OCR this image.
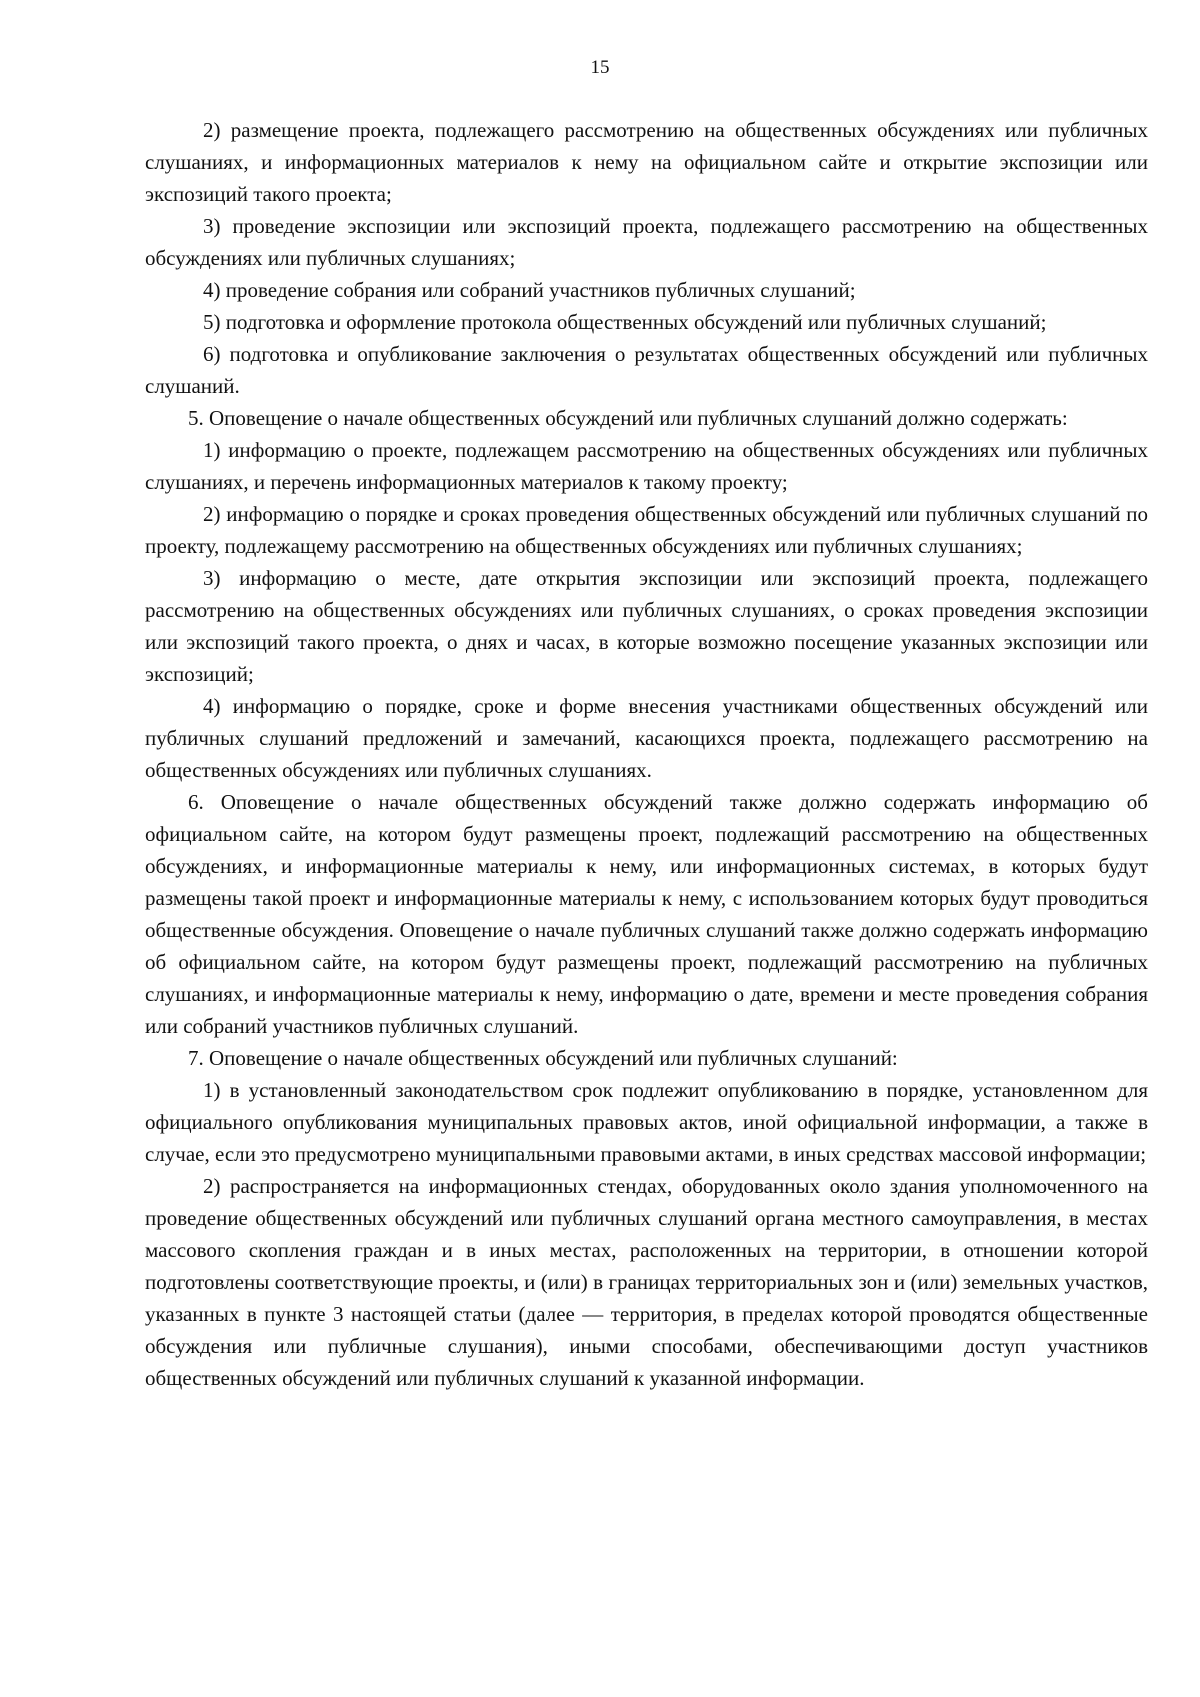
15

2) размещение проекта, подлежащего рассмотрению на общественных обсуждениях или публичных слушаниях, и информационных материалов к нему на официальном сайте и открытие экспозиции или экспозиций такого проекта;

3) проведение экспозиции или экспозиций проекта, подлежащего рассмотрению на общественных обсуждениях или публичных слушаниях;

4) проведение собрания или собраний участников публичных слушаний;

5) подготовка и оформление протокола общественных обсуждений или публичных слушаний;

6) подготовка и опубликование заключения о результатах общественных обсуждений или публичных слушаний.

5. Оповещение о начале общественных обсуждений или публичных слушаний должно содержать:

1) информацию о проекте, подлежащем рассмотрению на общественных обсуждениях или публичных слушаниях, и перечень информационных материалов к такому проекту;

2) информацию о порядке и сроках проведения общественных обсуждений или публичных слушаний по проекту, подлежащему рассмотрению на общественных обсуждениях или публичных слушаниях;

3) информацию о месте, дате открытия экспозиции или экспозиций проекта, подлежащего рассмотрению на общественных обсуждениях или публичных слушаниях, о сроках проведения экспозиции или экспозиций такого проекта, о днях и часах, в которые возможно посещение указанных экспозиции или экспозиций;

4) информацию о порядке, сроке и форме внесения участниками общественных обсуждений или публичных слушаний предложений и замечаний, касающихся проекта, подлежащего рассмотрению на общественных обсуждениях или публичных слушаниях.

6. Оповещение о начале общественных обсуждений также должно содержать информацию об официальном сайте, на котором будут размещены проект, подлежащий рассмотрению на общественных обсуждениях, и информационные материалы к нему, или информационных системах, в которых будут размещены такой проект и информационные материалы к нему, с использованием которых будут проводиться общественные обсуждения. Оповещение о начале публичных слушаний также должно содержать информацию об официальном сайте, на котором будут размещены проект, подлежащий рассмотрению на публичных слушаниях, и информационные материалы к нему, информацию о дате, времени и месте проведения собрания или собраний участников публичных слушаний.

7. Оповещение о начале общественных обсуждений или публичных слушаний:

1) в установленный законодательством срок подлежит опубликованию в порядке, установленном для официального опубликования муниципальных правовых актов, иной официальной информации, а также в случае, если это предусмотрено муниципальными правовыми актами, в иных средствах массовой информации;

2) распространяется на информационных стендах, оборудованных около здания уполномоченного на проведение общественных обсуждений или публичных слушаний органа местного самоуправления, в местах массового скопления граждан и в иных местах, расположенных на территории, в отношении которой подготовлены соответствующие проекты, и (или) в границах территориальных зон и (или) земельных участков, указанных в пункте 3 настоящей статьи (далее — территория, в пределах которой проводятся общественные обсуждения или публичные слушания), иными способами, обеспечивающими доступ участников общественных обсуждений или публичных слушаний к указанной информации.
